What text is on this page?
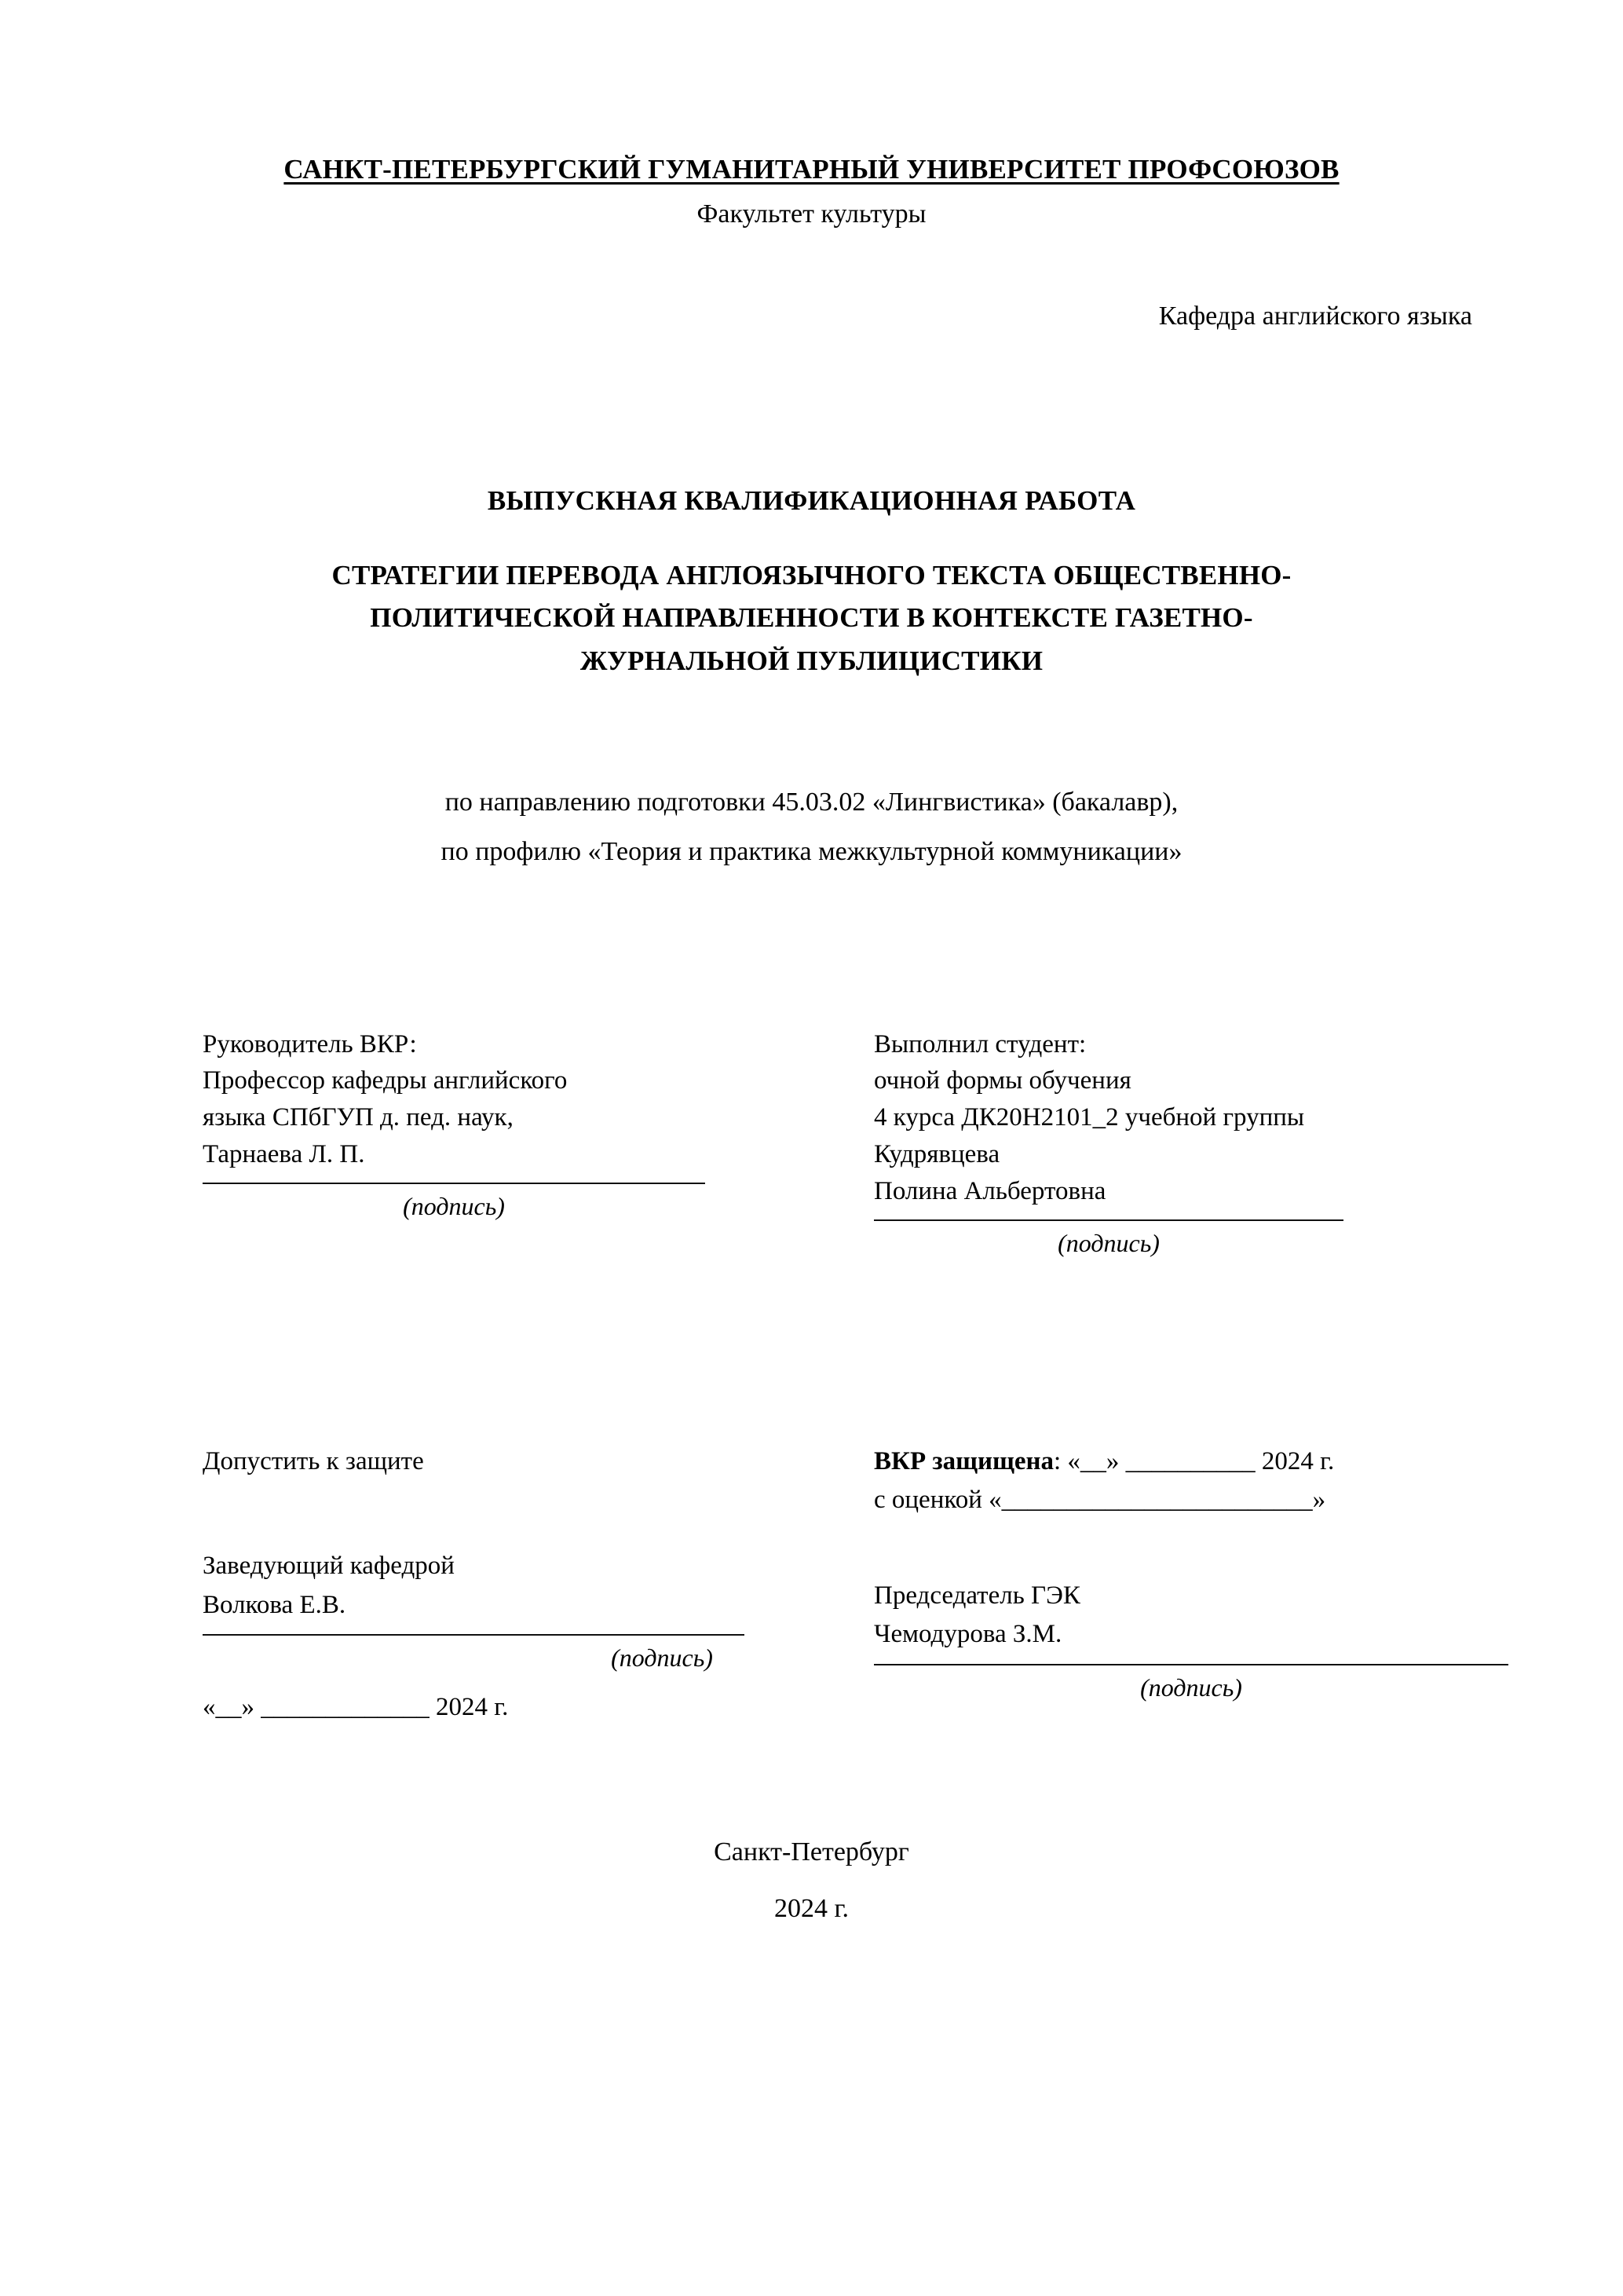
САНКТ-ПЕТЕРБУРГСКИЙ ГУМАНИТАРНЫЙ УНИВЕРСИТЕТ ПРОФСОЮЗОВ
Факультет культуры
Кафедра английского языка
ВЫПУСКНАЯ КВАЛИФИКАЦИОННАЯ РАБОТА
СТРАТЕГИИ ПЕРЕВОДА АНГЛОЯЗЫЧНОГО ТЕКСТА ОБЩЕСТВЕННО-ПОЛИТИЧЕСКОЙ НАПРАВЛЕННОСТИ В КОНТЕКСТЕ ГАЗЕТНО-ЖУРНАЛЬНОЙ ПУБЛИЦИСТИКИ
по направлению подготовки 45.03.02 «Лингвистика» (бакалавр),
по профилю «Теория и практика межкультурной коммуникации»
Руководитель ВКР:
Профессор кафедры английского
языка СПбГУП д. пед. наук,
Тарнаева Л. П.
(подпись)
Выполнил студент:
очной формы обучения
4 курса ДК20Н2101_2 учебной группы
Кудрявцева
Полина Альбертовна
(подпись)
Допустить к защите
Заведующий кафедрой
Волкова Е.В.
(подпись)
«__» _____________ 2024 г.
ВКР защищена: «__» __________ 2024 г.
с оценкой «________________________»
Председатель ГЭК
Чемодурова З.М.
(подпись)
Санкт-Петербург
2024 г.
